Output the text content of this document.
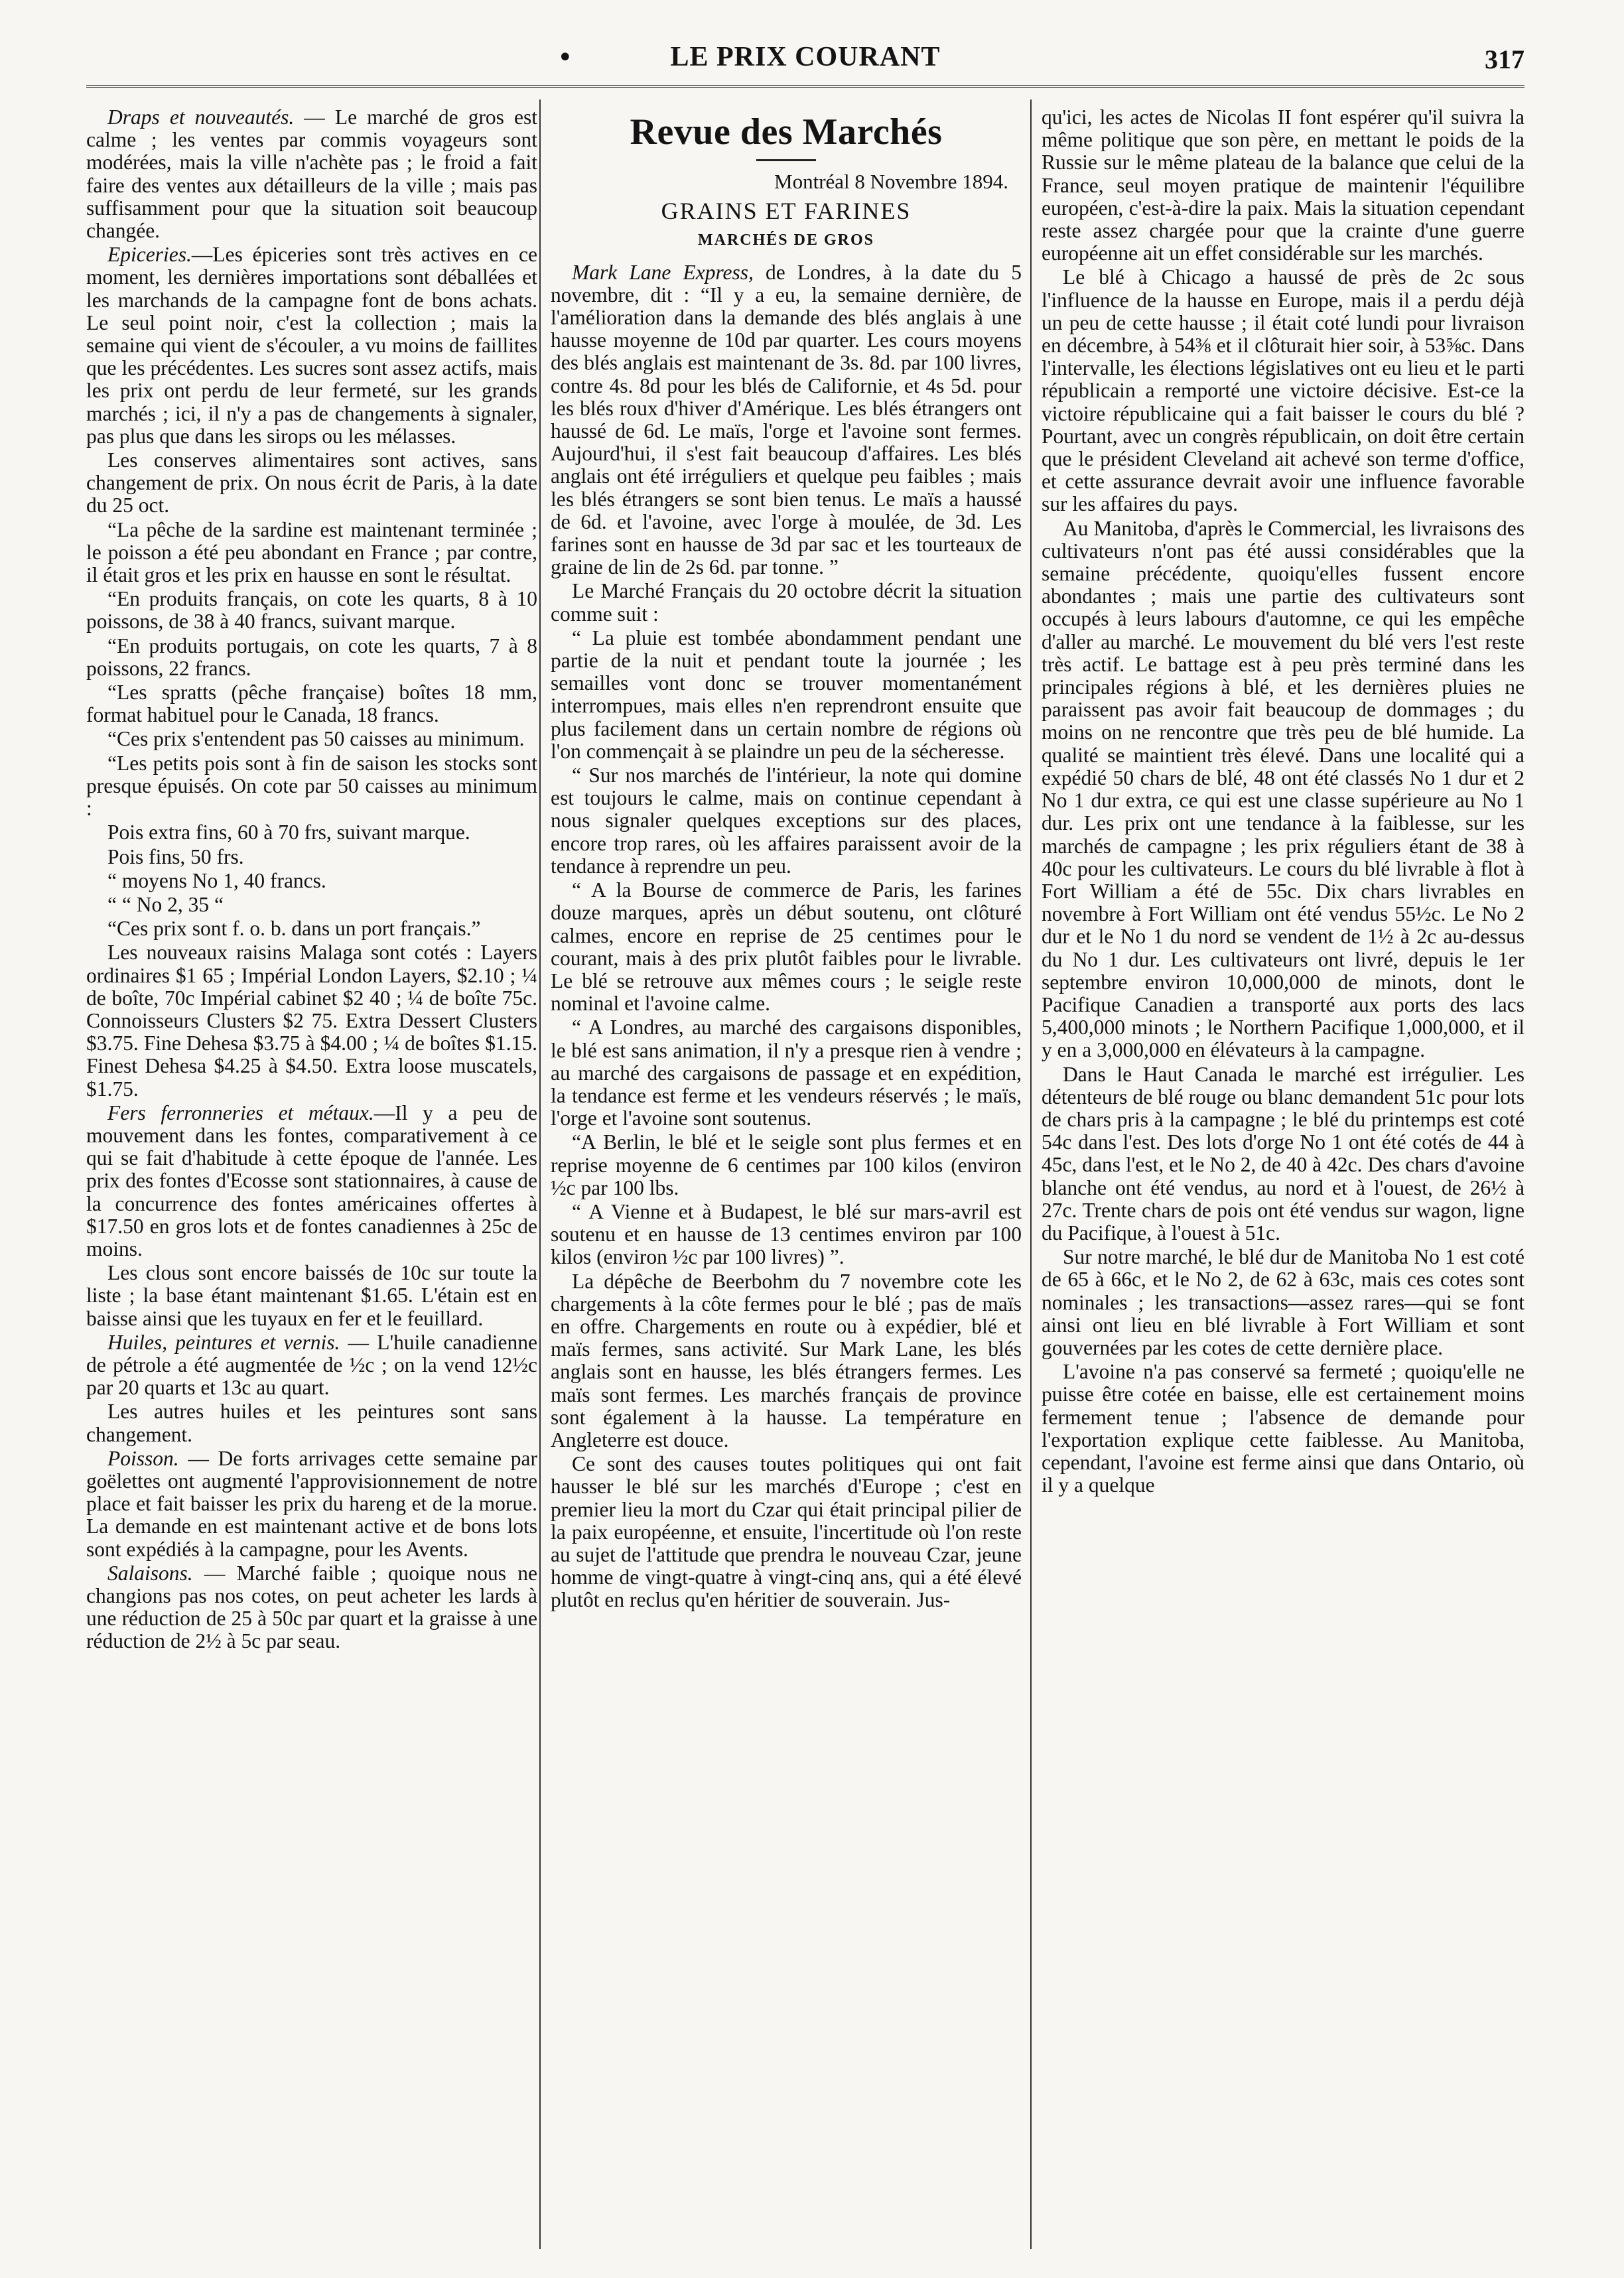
•	LE PRIX COURANT	317

Draps et nouveautés. — Le marché de gros est calme ; les ventes par commis voyageurs sont modérées, mais la ville n'achète pas ; le froid a fait faire des ventes aux détailleurs de la ville ; mais pas suffisamment pour que la situation soit beaucoup changée.

Epiceries.—Les épiceries sont très actives en ce moment, les dernières importations sont déballées et les marchands de la campagne font de bons achats. Le seul point noir, c'est la collection ; mais la semaine qui vient de s'écouler, a vu moins de faillites que les précédentes. Les sucres sont assez actifs, mais les prix ont perdu de leur fermeté, sur les grands marchés ; ici, il n'y a pas de changements à signaler, pas plus que dans les sirops ou les mélasses.

Les conserves alimentaires sont actives, sans changement de prix. On nous écrit de Paris, à la date du 25 oct.

“La pêche de la sardine est maintenant terminée ; le poisson a été peu abondant en France ; par contre, il était gros et les prix en hausse en sont le résultat.

“En produits français, on cote les quarts, 8 à 10 poissons, de 38 à 40 francs, suivant marque.

“En produits portugais, on cote les quarts, 7 à 8 poissons, 22 francs.

“Les spratts (pêche française) boîtes 18 mm, format habituel pour le Canada, 18 francs.

“Ces prix s'entendent pas 50 caisses au minimum.

“Les petits pois sont à fin de saison les stocks sont presque épuisés. On cote par 50 caisses au minimum :

Pois extra fins, 60 à 70 frs, suivant marque.

Pois fins, 50 frs.

“ moyens No 1, 40 francs.

“ “ No 2, 35 “

“Ces prix sont f. o. b. dans un port français.”

Les nouveaux raisins Malaga sont cotés : Layers ordinaires $1 65 ; Impérial London Layers, $2.10 ; ¼ de boîte, 70c Impérial cabinet $2 40 ; ¼ de boîte 75c. Connoisseurs Clusters $2 75. Extra Dessert Clusters $3.75. Fine Dehesa $3.75 à $4.00 ; ¼ de boîtes $1.15. Finest Dehesa $4.25 à $4.50. Extra loose muscatels, $1.75.

Fers ferronneries et métaux.—Il y a peu de mouvement dans les fontes, comparativement à ce qui se fait d'habitude à cette époque de l'année. Les prix des fontes d'Ecosse sont stationnaires, à cause de la concurrence des fontes américaines offertes à $17.50 en gros lots et de fontes canadiennes à 25c de moins.

Les clous sont encore baissés de 10c sur toute la liste ; la base étant maintenant $1.65. L'étain est en baisse ainsi que les tuyaux en fer et le feuillard.

Huiles, peintures et vernis. — L'huile canadienne de pétrole a été augmentée de ½c ; on la vend 12½c par 20 quarts et 13c au quart.

Les autres huiles et les peintures sont sans changement.

Poisson. — De forts arrivages cette semaine par goëlettes ont augmenté l'approvisionnement de notre place et fait baisser les prix du hareng et de la morue. La demande en est maintenant active et de bons lots sont expédiés à la campagne, pour les Avents.

Salaisons. — Marché faible ; quoique nous ne changions pas nos cotes, on peut acheter les lards à une réduction de 25 à 50c par quart et la graisse à une réduction de 2½ à 5c par seau.

Revue des Marchés
Montréal 8 Novembre 1894.
GRAINS ET FARINES
MARCHÉS DE GROS

Mark Lane Express, de Londres, à la date du 5 novembre, dit : “Il y a eu, la semaine dernière, de l'amélioration dans la demande des blés anglais à une hausse moyenne de 10d par quarter. Les cours moyens des blés anglais est maintenant de 3s. 8d. par 100 livres, contre 4s. 8d pour les blés de Californie, et 4s 5d. pour les blés roux d'hiver d'Amérique. Les blés étrangers ont haussé de 6d. Le maïs, l'orge et l'avoine sont fermes. Aujourd'hui, il s'est fait beaucoup d'affaires. Les blés anglais ont été irréguliers et quelque peu faibles ; mais les blés étrangers se sont bien tenus. Le maïs a haussé de 6d. et l'avoine, avec l'orge à moulée, de 3d. Les farines sont en hausse de 3d par sac et les tourteaux de graine de lin de 2s 6d. par tonne. ”

Le Marché Français du 20 octobre décrit la situation comme suit :

“ La pluie est tombée abondamment pendant une partie de la nuit et pendant toute la journée ; les semailles vont donc se trouver momentanément interrompues, mais elles n'en reprendront ensuite que plus facilement dans un certain nombre de régions où l'on commençait à se plaindre un peu de la sécheresse.

“ Sur nos marchés de l'intérieur, la note qui domine est toujours le calme, mais on continue cependant à nous signaler quelques exceptions sur des places, encore trop rares, où les affaires paraissent avoir de la tendance à reprendre un peu.

“ A la Bourse de commerce de Paris, les farines douze marques, après un début soutenu, ont clôturé calmes, encore en reprise de 25 centimes pour le courant, mais à des prix plutôt faibles pour le livrable. Le blé se retrouve aux mêmes cours ; le seigle reste nominal et l'avoine calme.

“ A Londres, au marché des cargaisons disponibles, le blé est sans animation, il n'y a presque rien à vendre ; au marché des cargaisons de passage et en expédition, la tendance est ferme et les vendeurs réservés ; le maïs, l'orge et l'avoine sont soutenus.

“A Berlin, le blé et le seigle sont plus fermes et en reprise moyenne de 6 centimes par 100 kilos (environ ½c par 100 lbs.

“ A Vienne et à Budapest, le blé sur mars-avril est soutenu et en hausse de 13 centimes environ par 100 kilos (environ ½c par 100 livres) ”.

La dépêche de Beerbohm du 7 novembre cote les chargements à la côte fermes pour le blé ; pas de maïs en offre. Chargements en route ou à expédier, blé et maïs fermes, sans activité. Sur Mark Lane, les blés anglais sont en hausse, les blés étrangers fermes. Les maïs sont fermes. Les marchés français de province sont également à la hausse. La température en Angleterre est douce.

Ce sont des causes toutes politiques qui ont fait hausser le blé sur les marchés d'Europe ; c'est en premier lieu la mort du Czar qui était principal pilier de la paix européenne, et ensuite, l'incertitude où l'on reste au sujet de l'attitude que prendra le nouveau Czar, jeune homme de vingt-quatre à vingt-cinq ans, qui a été élevé plutôt en reclus qu'en héritier de souverain. Jus-

qu'ici, les actes de Nicolas II font espérer qu'il suivra la même politique que son père, en mettant le poids de la Russie sur le même plateau de la balance que celui de la France, seul moyen pratique de maintenir l'équilibre européen, c'est-à-dire la paix. Mais la situation cependant reste assez chargée pour que la crainte d'une guerre européenne ait un effet considérable sur les marchés.

Le blé à Chicago a haussé de près de 2c sous l'influence de la hausse en Europe, mais il a perdu déjà un peu de cette hausse ; il était coté lundi pour livraison en décembre, à 54⅜ et il clôturait hier soir, à 53⅝c. Dans l'intervalle, les élections législatives ont eu lieu et le parti républicain a remporté une victoire décisive. Est-ce la victoire républicaine qui a fait baisser le cours du blé ? Pourtant, avec un congrès républicain, on doit être certain que le président Cleveland ait achevé son terme d'office, et cette assurance devrait avoir une influence favorable sur les affaires du pays.

Au Manitoba, d'après le Commercial, les livraisons des cultivateurs n'ont pas été aussi considérables que la semaine précédente, quoiqu'elles fussent encore abondantes ; mais une partie des cultivateurs sont occupés à leurs labours d'automne, ce qui les empêche d'aller au marché. Le mouvement du blé vers l'est reste très actif. Le battage est à peu près terminé dans les principales régions à blé, et les dernières pluies ne paraissent pas avoir fait beaucoup de dommages ; du moins on ne rencontre que très peu de blé humide. La qualité se maintient très élevé. Dans une localité qui a expédié 50 chars de blé, 48 ont été classés No 1 dur et 2 No 1 dur extra, ce qui est une classe supérieure au No 1 dur. Les prix ont une tendance à la faiblesse, sur les marchés de campagne ; les prix réguliers étant de 38 à 40c pour les cultivateurs. Le cours du blé livrable à flot à Fort William a été de 55c. Dix chars livrables en novembre à Fort William ont été vendus 55½c. Le No 2 dur et le No 1 du nord se vendent de 1½ à 2c au-dessus du No 1 dur. Les cultivateurs ont livré, depuis le 1er septembre environ 10,000,000 de minots, dont le Pacifique Canadien a transporté aux ports des lacs 5,400,000 minots ; le Northern Pacifique 1,000,000, et il y en a 3,000,000 en élévateurs à la campagne.

Dans le Haut Canada le marché est irrégulier. Les détenteurs de blé rouge ou blanc demandent 51c pour lots de chars pris à la campagne ; le blé du printemps est coté 54c dans l'est. Des lots d'orge No 1 ont été cotés de 44 à 45c, dans l'est, et le No 2, de 40 à 42c. Des chars d'avoine blanche ont été vendus, au nord et à l'ouest, de 26½ à 27c. Trente chars de pois ont été vendus sur wagon, ligne du Pacifique, à l'ouest à 51c.

Sur notre marché, le blé dur de Manitoba No 1 est coté de 65 à 66c, et le No 2, de 62 à 63c, mais ces cotes sont nominales ; les transactions—assez rares—qui se font ainsi ont lieu en blé livrable à Fort William et sont gouvernées par les cotes de cette dernière place.

L'avoine n'a pas conservé sa fermeté ; quoiqu'elle ne puisse être cotée en baisse, elle est certainement moins fermement tenue ; l'absence de demande pour l'exportation explique cette faiblesse. Au Manitoba, cependant, l'avoine est ferme ainsi que dans Ontario, où il y a quelque
